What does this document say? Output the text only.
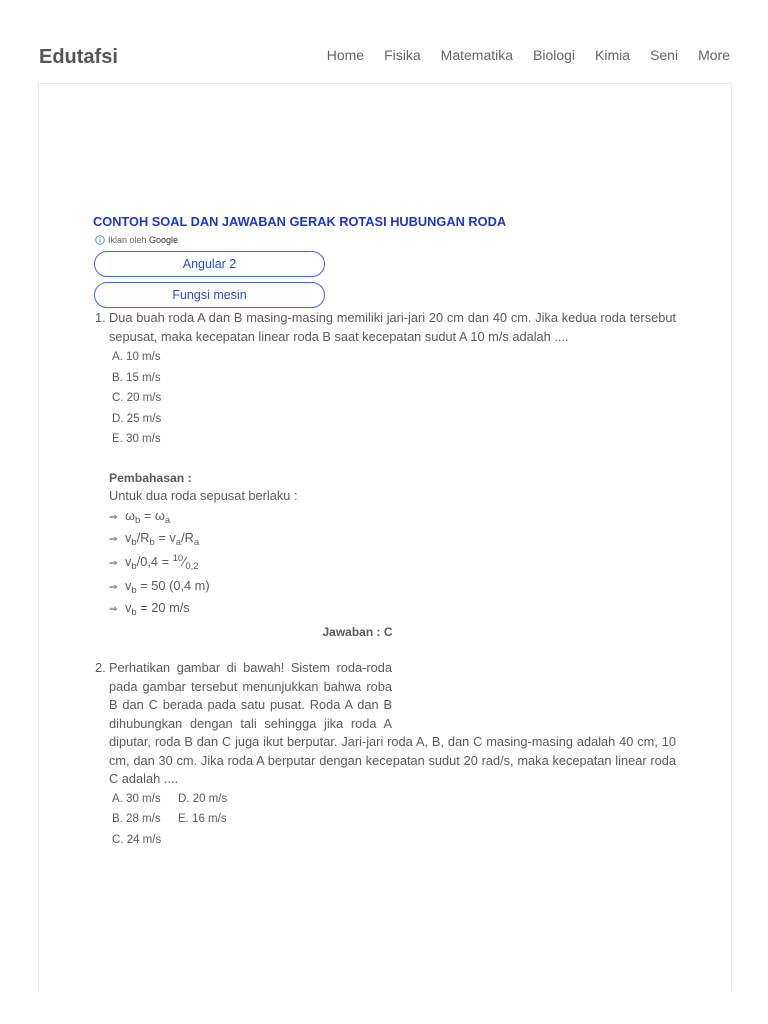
Edutafsi	Home Fisika Matematika Biologi Kimia Seni More
CONTOH SOAL DAN JAWABAN GERAK ROTASI HUBUNGAN RODA
Iklan oleh Google
Angular 2
Fungsi mesin
1. Dua buah roda A dan B masing-masing memiliki jari-jari 20 cm dan 40 cm. Jika kedua roda tersebut sepusat, maka kecepatan linear roda B saat kecepatan sudut A 10 m/s adalah ....
A. 10 m/s
B. 15 m/s
C. 20 m/s
D. 25 m/s
E. 30 m/s
Pembahasan :
Untuk dua roda sepusat berlaku :
⇒ $\omega_b = \omega_a$
⇒ $v_b/R_b = v_a/R_a$
⇒ $v_b/0,4$ = $^{10}⁄_{0,2}$
⇒ $v_b = 50$ (0,4 m)
⇒ $v_b = 20$ m/s
Jawaban : C
2. Perhatikan gambar di bawah! Sistem roda-roda pada gambar tersebut menunjukkan bahwa roba B dan C berada pada satu pusat. Roda A dan B dihubungkan dengan tali sehingga jika roda A diputar, roda B dan C juga ikut berputar. Jari-jari roda A, B, dan C masing-masing adalah 40 cm, 10 cm, dan 30 cm. Jika roda A berputar dengan kecepatan sudut 20 rad/s, maka kecepatan linear roda C adalah ....
A. 30 m/s
B. 28 m/s
C. 24 m/s
D. 20 m/s
E. 16 m/s
